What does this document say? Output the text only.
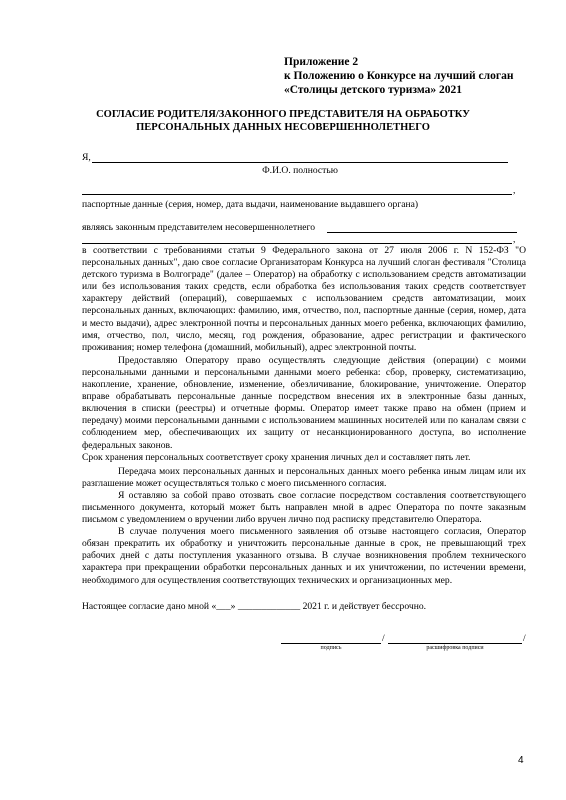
Приложение 2
к Положению о Конкурсе на лучший слоган
«Столицы детского туризма» 2021
СОГЛАСИЕ РОДИТЕЛЯ/ЗАКОННОГО ПРЕДСТАВИТЕЛЯ НА ОБРАБОТКУ
ПЕРСОНАЛЬНЫХ ДАННЫХ НЕСОВЕРШЕННОЛЕТНЕГО
Я,
Ф.И.О. полностью
,
паспортные данные (серия, номер, дата выдачи, наименование выдавшего органа)
являясь законным представителем несовершеннолетнего
,

в соответствии с требованиями статьи 9 Федерального закона от 27 июля 2006 г. N 152-ФЗ "О персональных данных", даю свое согласие Организаторам Конкурса на лучший слоган фестиваля "Столица детского туризма в Волгограде" (далее – Оператор) на обработку с использованием средств автоматизации или без использования таких средств, если обработка без использования таких средств соответствует характеру действий (операций), совершаемых с использованием средств автоматизации, моих персональных данных, включающих: фамилию, имя, отчество, пол, паспортные данные (серия, номер, дата и место выдачи), адрес электронной почты и персональных данных моего ребенка, включающих фамилию, имя, отчество, пол, число, месяц, год рождения, образование, адрес регистрации и фактического проживания; номер телефона (домашний, мобильный), адрес электронной почты.

Предоставляю Оператору право осуществлять следующие действия (операции) с моими персональными данными и персональными данными моего ребенка: сбор, проверку, систематизацию, накопление, хранение, обновление, изменение, обезличивание, блокирование, уничтожение. Оператор вправе обрабатывать персональные данные посредством внесения их в электронные базы данных, включения в списки (реестры) и отчетные формы. Оператор имеет также право на обмен (прием и передачу) моими персональными данными с использованием машинных носителей или по каналам связи с соблюдением мер, обеспечивающих их защиту от несанкционированного доступа, во исполнение федеральных законов.

Срок хранения персональных соответствует сроку хранения личных дел и составляет пять лет.

Передача моих персональных данных и персональных данных моего ребенка иным лицам или их разглашение может осуществляться только с моего письменного согласия.

Я оставляю за собой право отозвать свое согласие посредством составления соответствующего письменного документа, который может быть направлен мной в адрес Оператора по почте заказным письмом с уведомлением о вручении либо вручен лично под расписку представителю Оператора.

В случае получения моего письменного заявления об отзыве настоящего согласия, Оператор обязан прекратить их обработку и уничтожить персональные данные в срок, не превышающий трех рабочих дней с даты поступления указанного отзыва. В случае возникновения проблем технического характера при прекращении обработки персональных данных и их уничтожении, по истечении времени, необходимого для осуществления соответствующих технических и организационных мер.

Настоящее согласие дано мной «___» _____________ 2021 г. и действует бессрочно.
/	/
подпись	расшифровка подписи
4
